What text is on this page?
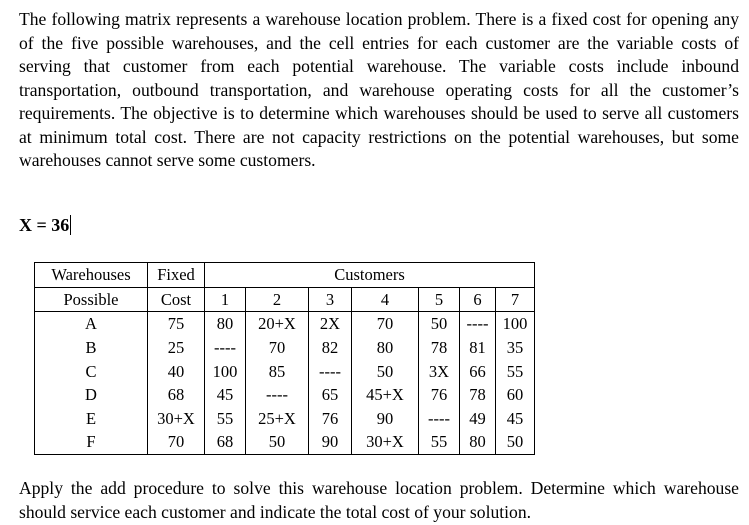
The following matrix represents a warehouse location problem. There is a fixed cost for opening any of the five possible warehouses, and the cell entries for each customer are the variable costs of serving that customer from each potential warehouse. The variable costs include inbound transportation, outbound transportation, and warehouse operating costs for all the customer’s requirements. The objective is to determine which warehouses should be used to serve all customers at minimum total cost. There are not capacity restrictions on the potential warehouses, but some warehouses cannot serve some customers.

X = 36
Warehouses	Fixed	Customers						
Possible	Cost	1	2	3	4	5	6	7
A	75	80	20+X	2X	70	50	----	100
B	25	----	70	82	80	78	81	35
C	40	100	85	----	50	3X	66	55
D	68	45	----	65	45+X	76	78	60
E	30+X	55	25+X	76	90	----	49	45
F	70	68	50	90	30+X	55	80	50

Apply the add procedure to solve this warehouse location problem. Determine which warehouse should service each customer and indicate the total cost of your solution.
